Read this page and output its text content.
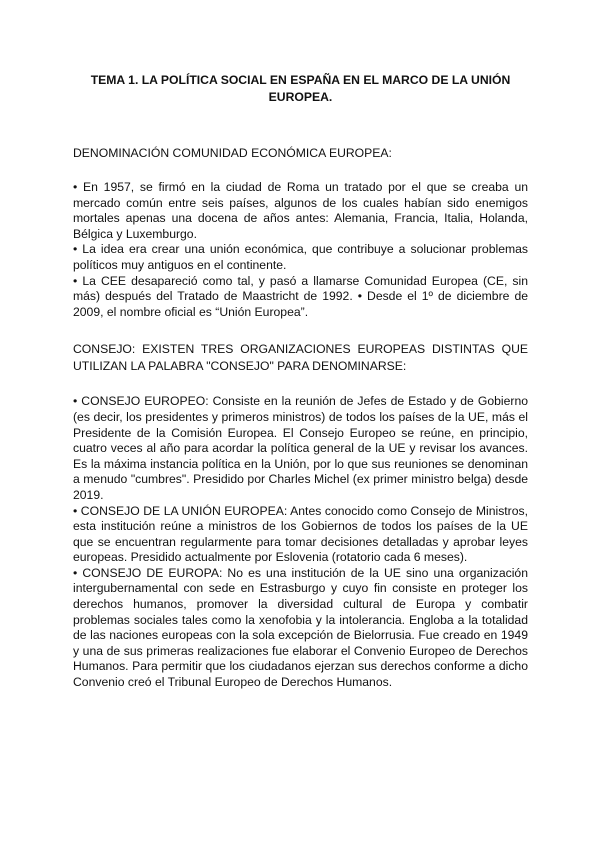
TEMA 1. LA POLÍTICA SOCIAL EN ESPAÑA EN EL MARCO DE LA UNIÓN EUROPEA.
DENOMINACIÓN COMUNIDAD ECONÓMICA EUROPEA:

• En 1957, se firmó en la ciudad de Roma un tratado por el que se creaba un mercado común entre seis países, algunos de los cuales habían sido enemigos mortales apenas una docena de años antes: Alemania, Francia, Italia, Holanda, Bélgica y Luxemburgo.

• La idea era crear una unión económica, que contribuye a solucionar problemas políticos muy antiguos en el continente.

• La CEE desapareció como tal, y pasó a llamarse Comunidad Europea (CE, sin más) después del Tratado de Maastricht de 1992. • Desde el 1º de diciembre de 2009, el nombre oficial es “Unión Europea”.

CONSEJO: EXISTEN TRES ORGANIZACIONES EUROPEAS DISTINTAS QUE UTILIZAN LA PALABRA "CONSEJO" PARA DENOMINARSE:

• CONSEJO EUROPEO: Consiste en la reunión de Jefes de Estado y de Gobierno (es decir, los presidentes y primeros ministros) de todos los países de la UE, más el Presidente de la Comisión Europea. El Consejo Europeo se reúne, en principio, cuatro veces al año para acordar la política general de la UE y revisar los avances. Es la máxima instancia política en la Unión, por lo que sus reuniones se denominan a menudo "cumbres". Presidido por Charles Michel (ex primer ministro belga) desde 2019.

• CONSEJO DE LA UNIÓN EUROPEA: Antes conocido como Consejo de Ministros, esta institución reúne a ministros de los Gobiernos de todos los países de la UE que se encuentran regularmente para tomar decisiones detalladas y aprobar leyes europeas. Presidido actualmente por Eslovenia (rotatorio cada 6 meses).

• CONSEJO DE EUROPA: No es una institución de la UE sino una organización intergubernamental con sede en Estrasburgo y cuyo fin consiste en proteger los derechos humanos, promover la diversidad cultural de Europa y combatir problemas sociales tales como la xenofobia y la intolerancia. Engloba a la totalidad de las naciones europeas con la sola excepción de Bielorrusia. Fue creado en 1949 y una de sus primeras realizaciones fue elaborar el Convenio Europeo de Derechos Humanos. Para permitir que los ciudadanos ejerzan sus derechos conforme a dicho Convenio creó el Tribunal Europeo de Derechos Humanos.
